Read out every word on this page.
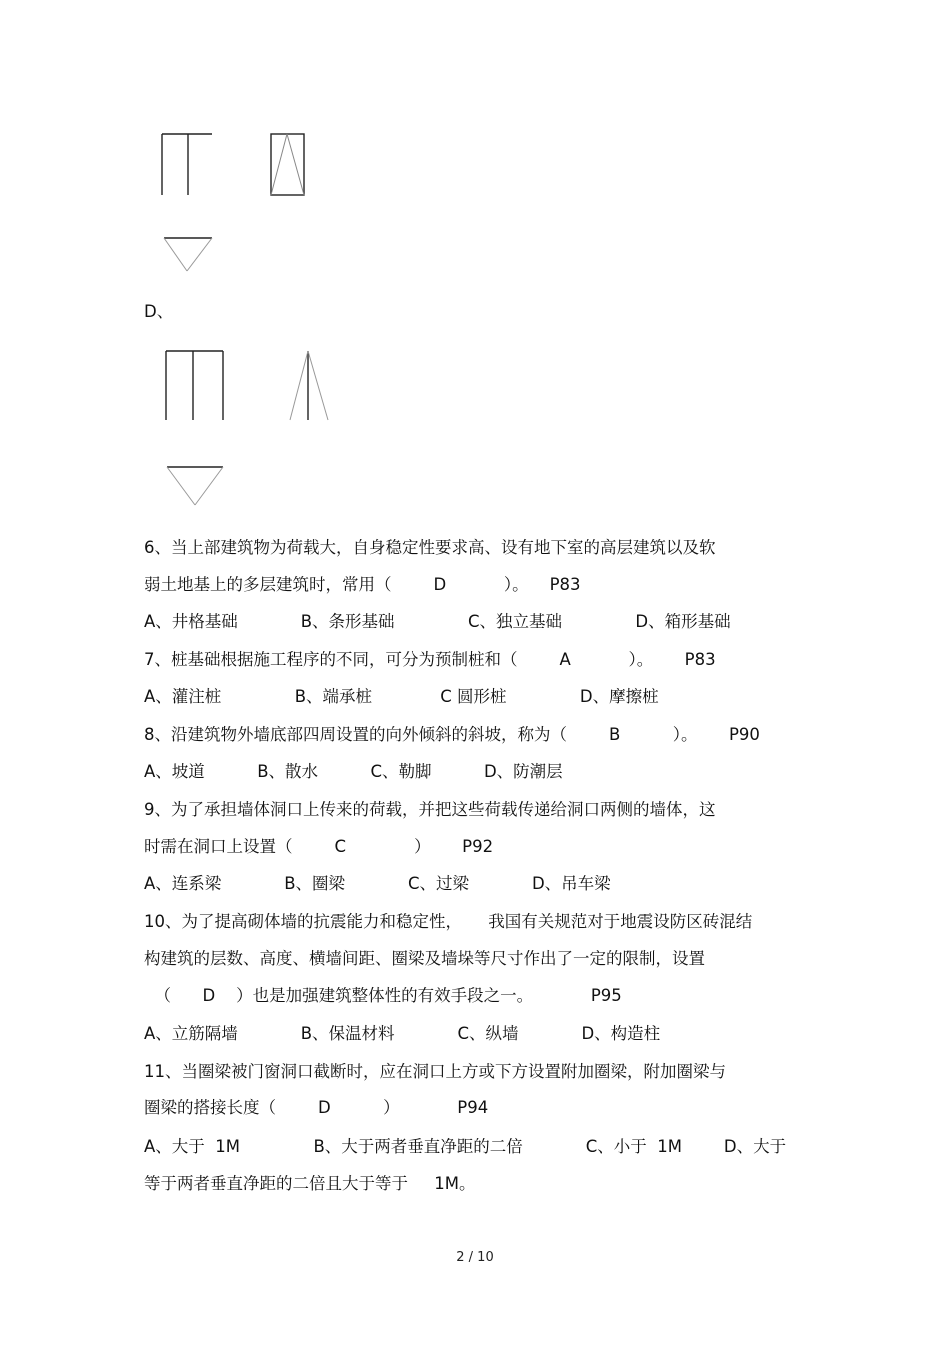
D、
6、当上部建筑物为荷载大，自身稳定性要求高、设有地下室的高层建筑以及软
弱土地基上的多层建筑时，常用（        D           ）。    P83
A、井格基础            B、条形基础              C、独立基础              D、箱形基础
7、桩基础根据施工程序的不同，可分为预制桩和（        A           ）。      P83
A、灌注桩              B、端承桩             C 圆形桩              D、摩擦桩
8、沿建筑物外墙底部四周设置的向外倾斜的斜坡，称为（        B          ）。      P90
A、坡道          B、散水          C、勒脚          D、防潮层
9、为了承担墙体洞口上传来的荷载，并把这些荷载传递给洞口两侧的墙体，这
时需在洞口上设置（        C             ）      P92
A、连系梁            B、圈梁            C、过梁            D、吊车梁
10、为了提高砌体墙的抗震能力和稳定性，     我国有关规范对于地震设防区砖混结
构建筑的层数、高度、横墙间距、圈梁及墙垛等尺寸作出了一定的限制，设置
（      D    ）也是加强建筑整体性的有效手段之一。           P95
A、立筋隔墙            B、保温材料            C、纵墙            D、构造柱
11、当圈梁被门窗洞口截断时，应在洞口上方或下方设置附加圈梁，附加圈梁与
圈梁的搭接长度（        D          ）           P94
A、大于  1M              B、大于两者垂直净距的二倍            C、小于  1M        D、大于
等于两者垂直净距的二倍且大于等于     1M。
2 / 10
